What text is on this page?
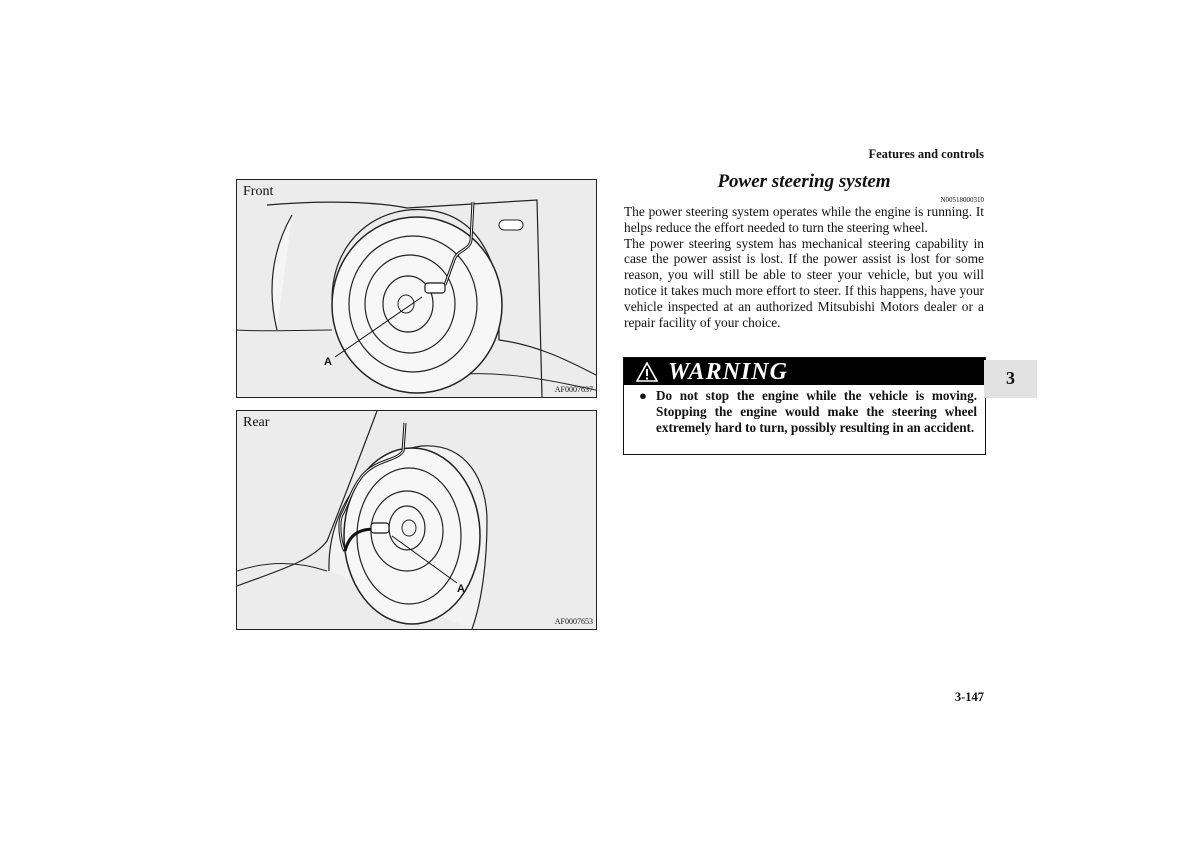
Features and controls
Front
A
AF0007637
Rear
A
AF0007653
Power steering system
N00518000310

The power steering system operates while the engine is running. It helps reduce the effort needed to turn the steering wheel.

The power steering system has mechanical steering capability in case the power assist is lost. If the power assist is lost for some reason, you will still be able to steer your vehicle, but you will notice it takes much more effort to steer. If this happens, have your vehicle inspected at an authorized Mitsubishi Motors dealer or a repair facility of your choice.

WARNING
● Do not stop the engine while the vehicle is moving. Stopping the engine would make the steering wheel extremely hard to turn, possibly resulting in an accident.
3
3-147
